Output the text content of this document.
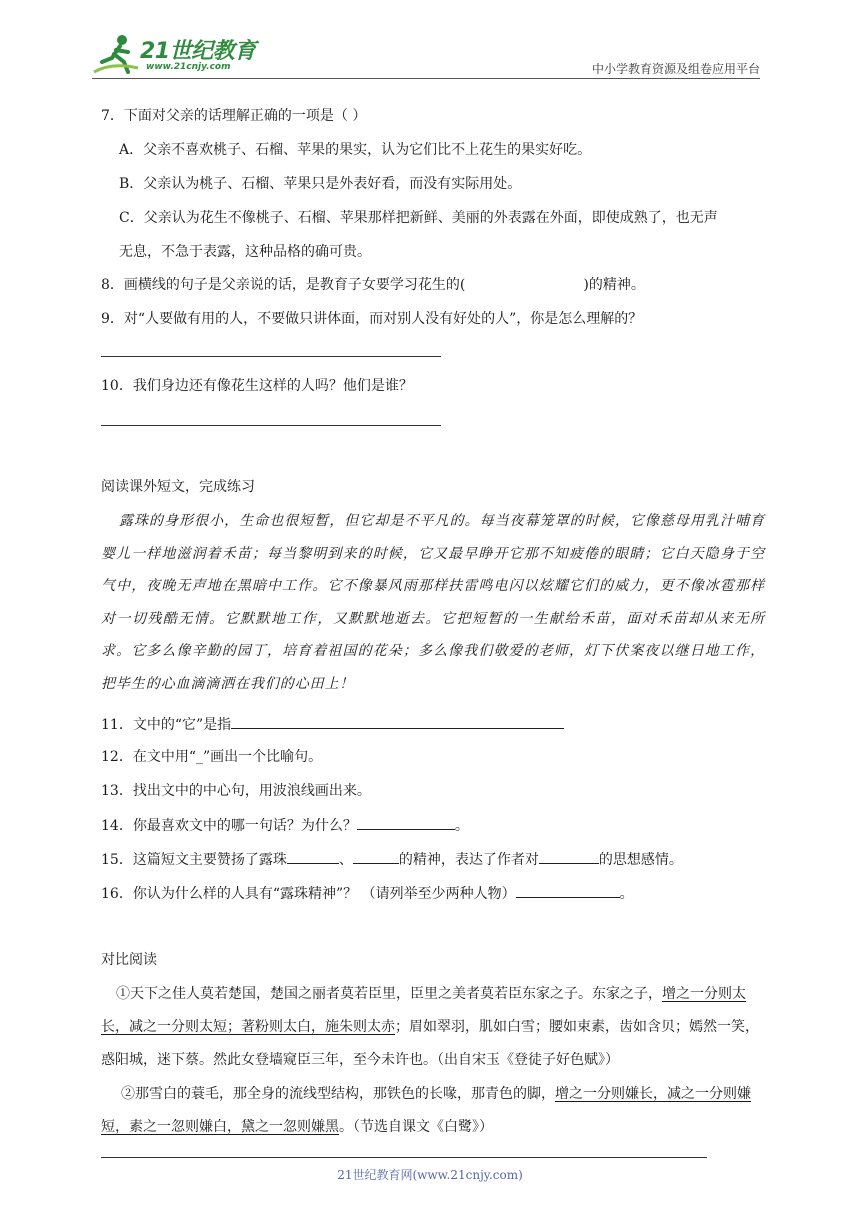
21世纪教育
www.21cnjy.com	中小学教育资源及组卷应用平台
7．下面对父亲的话理解正确的一项是（ ）
A．父亲不喜欢桃子、石榴、苹果的果实，认为它们比不上花生的果实好吃。
B．父亲认为桃子、石榴、苹果只是外表好看，而没有实际用处。
C．父亲认为花生不像桃子、石榴、苹果那样把新鲜、美丽的外表露在外面，即使成熟了，也无声
无息，不急于表露，这种品格的确可贵。
8．画横线的句子是父亲说的话，是教育子女要学习花生的(	)的精神。
9．对“人要做有用的人，不要做只讲体面，而对别人没有好处的人”，你是怎么理解的？
10．我们身边还有像花生这样的人吗？他们是谁？
阅读课外短文，完成练习
露珠的身形很小，生命也很短暂，但它却是不平凡的。每当夜幕笼罩的时候，它像慈母用乳汁哺育婴儿一样地滋润着禾苗；每当黎明到来的时候，它又最早睁开它那不知疲倦的眼睛；它白天隐身于空气中，夜晚无声地在黑暗中工作。它不像暴风雨那样扶雷鸣电闪以炫耀它们的威力，更不像冰雹那样对一切残酷无情。它默默地工作，又默默地逝去。它把短暂的一生献给禾苗，面对禾苗却从来无所求。它多么像辛勤的园丁，培育着祖国的花朵；多么像我们敬爱的老师，灯下伏案夜以继日地工作，把毕生的心血滴滴洒在我们的心田上！
11．文中的“它”是指
12．在文中用“_”画出一个比喻句。
13．找出文中的中心句，用波浪线画出来。
14．你最喜欢文中的哪一句话？为什么？	。
15．这篇短文主要赞扬了露珠	、	的精神，表达了作者对	的思想感情。
16．你认为什么样的人具有“露珠精神”？ （请列举至少两种人物）	。
对比阅读
①天下之佳人莫若楚国，楚国之丽者莫若臣里，臣里之美者莫若臣东家之子。东家之子，增之一分则太长，减之一分则太短；著粉则太白，施朱则太赤；眉如翠羽，肌如白雪；腰如束素，齿如含贝；嫣然一笑，惑阳城，迷下蔡。然此女登墙窥臣三年，至今未许也。（出自宋玉《登徒子好色赋》）
②那雪白的蓑毛，那全身的流线型结构，那铁色的长喙，那青色的脚，增之一分则嫌长，减之一分则嫌短，素之一忽则嫌白，黛之一忽则嫌黑。（节选自课文《白鹭》）
21世纪教育网(www.21cnjy.com)
